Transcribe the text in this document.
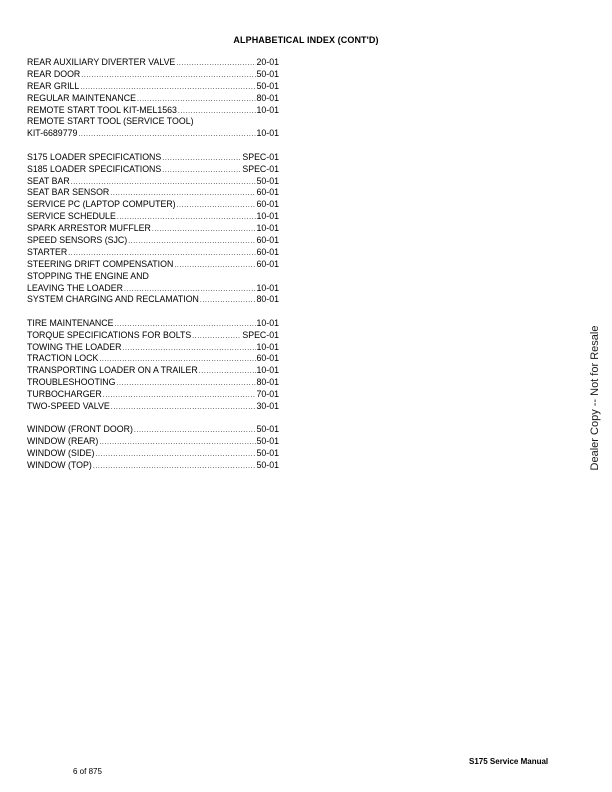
ALPHABETICAL INDEX (CONT'D)
REAR AUXILIARY DIVERTER VALVE .....	20-01
REAR DOOR .....	50-01
REAR GRILL .....	50-01
REGULAR MAINTENANCE .....	80-01
REMOTE START TOOL KIT-MEL1563 .....	10-01
REMOTE START TOOL (SERVICE TOOL)
KIT-6689779 .....	10-01
S175 LOADER SPECIFICATIONS .....	SPEC-01
S185 LOADER SPECIFICATIONS .....	SPEC-01
SEAT BAR .....	50-01
SEAT BAR SENSOR .....	60-01
SERVICE PC (LAPTOP COMPUTER) .....	60-01
SERVICE SCHEDULE .....	10-01
SPARK ARRESTOR MUFFLER .....	10-01
SPEED SENSORS (SJC) .....	60-01
STARTER .....	60-01
STEERING DRIFT COMPENSATION .....	60-01
STOPPING THE ENGINE AND
LEAVING THE LOADER .....	10-01
SYSTEM CHARGING AND RECLAMATION .....	80-01
TIRE MAINTENANCE .....	10-01
TORQUE SPECIFICATIONS FOR BOLTS .....	SPEC-01
TOWING THE LOADER .....	10-01
TRACTION LOCK .....	60-01
TRANSPORTING LOADER ON A TRAILER .....	10-01
TROUBLESHOOTING .....	80-01
TURBOCHARGER .....	70-01
TWO-SPEED VALVE .....	30-01
WINDOW (FRONT DOOR) .....	50-01
WINDOW (REAR) .....	50-01
WINDOW (SIDE) .....	50-01
WINDOW (TOP) .....	50-01	Dealer Copy -- Not for Resale
6 of 875
S175 Service Manual
